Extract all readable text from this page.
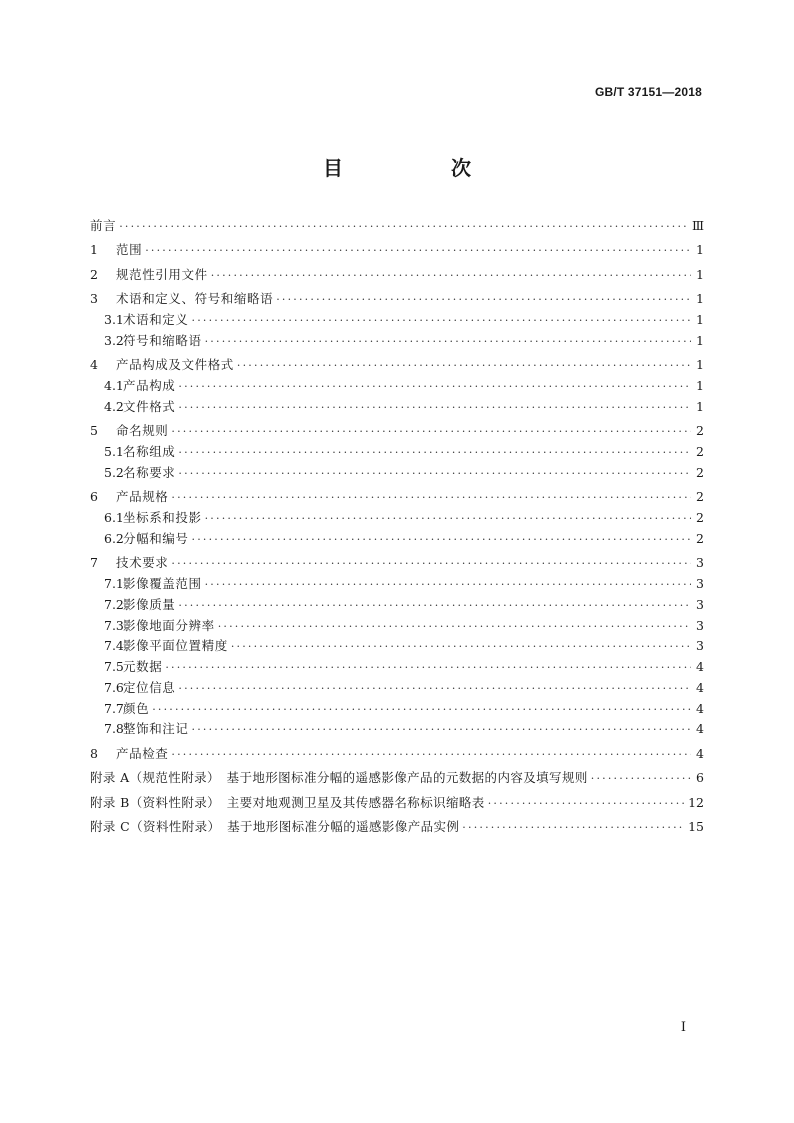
GB/T 37151—2018
目　次
前言 ·····	Ⅲ
1	范围 ·····	1
2	规范性引用文件 ·····	1
3	术语和定义、符号和缩略语 ·····	1
3.1 术语和定义 ·····	1
3.2 符号和缩略语 ·····	1
4	产品构成及文件格式 ·····	1
4.1 产品构成 ·····	1
4.2 文件格式 ·····	1
5	命名规则 ·····	2
5.1 名称组成 ·····	2
5.2 名称要求 ·····	2
6	产品规格 ·····	2
6.1 坐标系和投影 ·····	2
6.2 分幅和编号 ·····	2
7	技术要求 ·····	3
7.1 影像覆盖范围 ·····	3
7.2 影像质量 ·····	3
7.3 影像地面分辨率 ·····	3
7.4 影像平面位置精度 ·····	3
7.5 元数据 ·····	4
7.6 定位信息 ·····	4
7.7 颜色 ·····	4
7.8 整饰和注记 ·····	4
8	产品检查 ·····	4
附录 A（规范性附录）　基于地形图标准分幅的遥感影像产品的元数据的内容及填写规则 ·····	6
附录 B（资料性附录）　主要对地观测卫星及其传感器名称标识缩略表 ·····	12
附录 C（资料性附录）　基于地形图标准分幅的遥感影像产品实例 ·····	15
I
